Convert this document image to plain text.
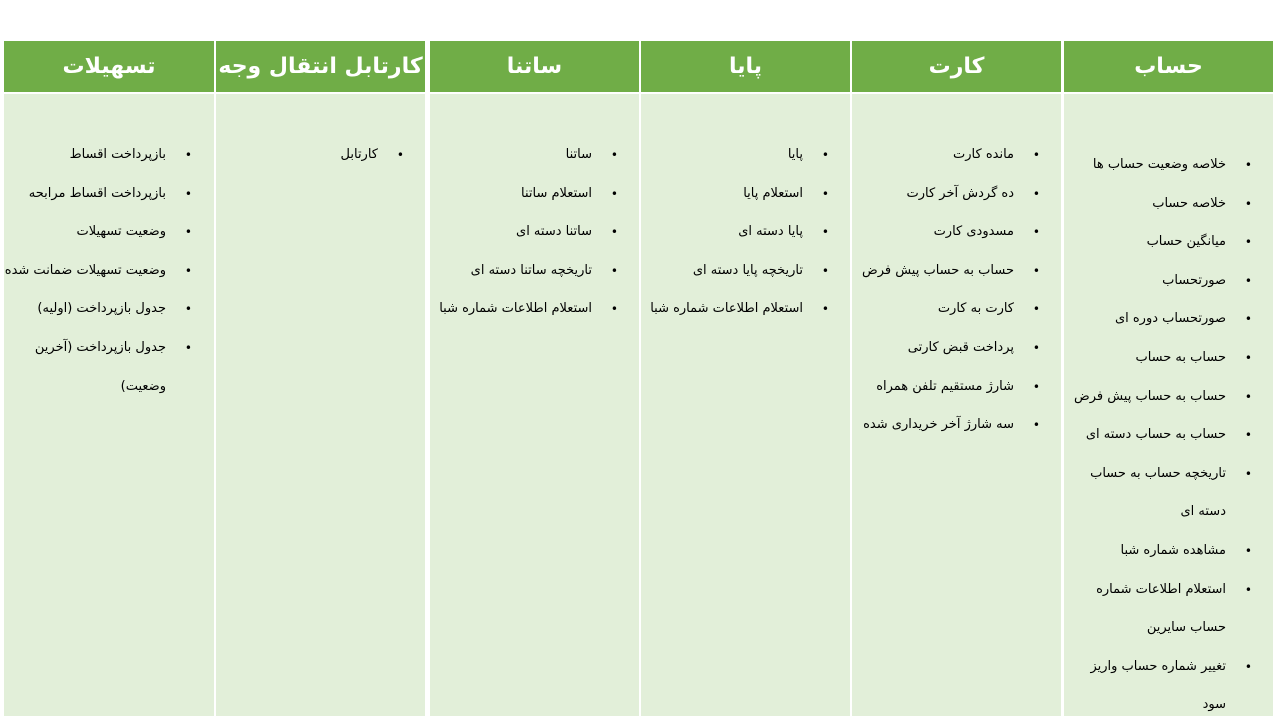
حساب
• خلاصه وضعیت حساب ها
• خلاصه حساب
• میانگین حساب
• صورتحساب
• صورتحساب دوره ای
• حساب به حساب
• حساب به حساب پیش فرض
• حساب به حساب دسته ای
• تاریخچه حساب به حساب دسته ای
• مشاهده شماره شبا
• استعلام اطلاعات شماره حساب سایرین
• تغییر شماره حساب واریز سود
کارت
• مانده کارت
• ده گردش آخر کارت
• مسدودی کارت
• حساب به حساب پیش فرض
• کارت به کارت
• پرداخت قبض کارتی
• شارژ مستقیم تلفن همراه
• سه شارژ آخر خریداری شده
پایا
• پایا
• استعلام پایا
• پایا دسته ای
• تاریخچه پایا دسته ای
• استعلام اطلاعات شماره شبا
ساتنا
• ساتنا
• استعلام ساتنا
• ساتنا دسته ای
• تاریخچه ساتنا دسته ای
• استعلام اطلاعات شماره شبا
کارتابل انتقال وجه
• کارتابل
تسهیلات
• بازپرداخت اقساط
• بازپرداخت اقساط مرابحه
• وضعیت تسهیلات
• وضعیت تسهیلات ضمانت شده
• جدول بازپرداخت (اولیه)
• جدول بازپرداخت (آخرین وضعیت)
